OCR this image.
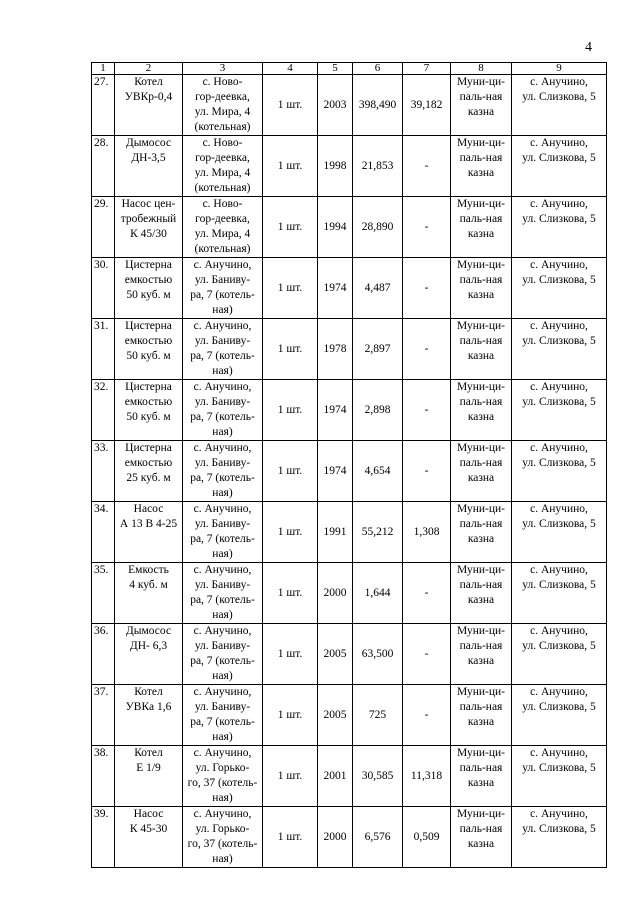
4
1	2	3	4	5	6	7	8	9
27.	Котел
УВКр-0,4	с. Ново-
гор-деевка,
ул. Мира, 4
(котельная)	1 шт.	2003	398,490	39,182	Муни-ци-
паль-ная
казна	с. Анучино,
ул. Слизкова, 5
28.	Дымосос
ДН-3,5	с. Ново-
гор-деевка,
ул. Мира, 4
(котельная)	1 шт.	1998	21,853	-	Муни-ци-
паль-ная
казна	с. Анучино,
ул. Слизкова, 5
29.	Насос цен-
тробежный
К 45/30	с. Ново-
гор-деевка,
ул. Мира, 4
(котельная)	1 шт.	1994	28,890	-	Муни-ци-
паль-ная
казна	с. Анучино,
ул. Слизкова, 5
30.	Цистерна
емкостью
50 куб. м	с. Анучино,
ул. Баниву-
ра, 7 (котель-
ная)	1 шт.	1974	4,487	-	Муни-ци-
паль-ная
казна	с. Анучино,
ул. Слизкова, 5
31.	Цистерна
емкостью
50 куб. м	с. Анучино,
ул. Баниву-
ра, 7 (котель-
ная)	1 шт.	1978	2,897	-	Муни-ци-
паль-ная
казна	с. Анучино,
ул. Слизкова, 5
32.	Цистерна
емкостью
50 куб. м	с. Анучино,
ул. Баниву-
ра, 7 (котель-
ная)	1 шт.	1974	2,898	-	Муни-ци-
паль-ная
казна	с. Анучино,
ул. Слизкова, 5
33.	Цистерна
емкостью
25 куб. м	с. Анучино,
ул. Баниву-
ра, 7 (котель-
ная)	1 шт.	1974	4,654	-	Муни-ци-
паль-ная
казна	с. Анучино,
ул. Слизкова, 5
34.	Насос
А 13 В 4-25	с. Анучино,
ул. Баниву-
ра, 7 (котель-
ная)	1 шт.	1991	55,212	1,308	Муни-ци-
паль-ная
казна	с. Анучино,
ул. Слизкова, 5
35.	Емкость
4 куб. м	с. Анучино,
ул. Баниву-
ра, 7 (котель-
ная)	1 шт.	2000	1,644	-	Муни-ци-
паль-ная
казна	с. Анучино,
ул. Слизкова, 5
36.	Дымосос
ДН- 6,3	с. Анучино,
ул. Баниву-
ра, 7 (котель-
ная)	1 шт.	2005	63,500	-	Муни-ци-
паль-ная
казна	с. Анучино,
ул. Слизкова, 5
37.	Котел
УВКа 1,6	с. Анучино,
ул. Баниву-
ра, 7 (котель-
ная)	1 шт.	2005	725	-	Муни-ци-
паль-ная
казна	с. Анучино,
ул. Слизкова, 5
38.	Котел
Е 1/9	с. Анучино,
ул. Горько-
го, 37 (котель-
ная)	1 шт.	2001	30,585	11,318	Муни-ци-
паль-ная
казна	с. Анучино,
ул. Слизкова, 5
39.	Насос
К 45-30	с. Анучино,
ул. Горько-
го, 37 (котель-
ная)	1 шт.	2000	6,576	0,509	Муни-ци-
паль-ная
казна	с. Анучино,
ул. Слизкова, 5
